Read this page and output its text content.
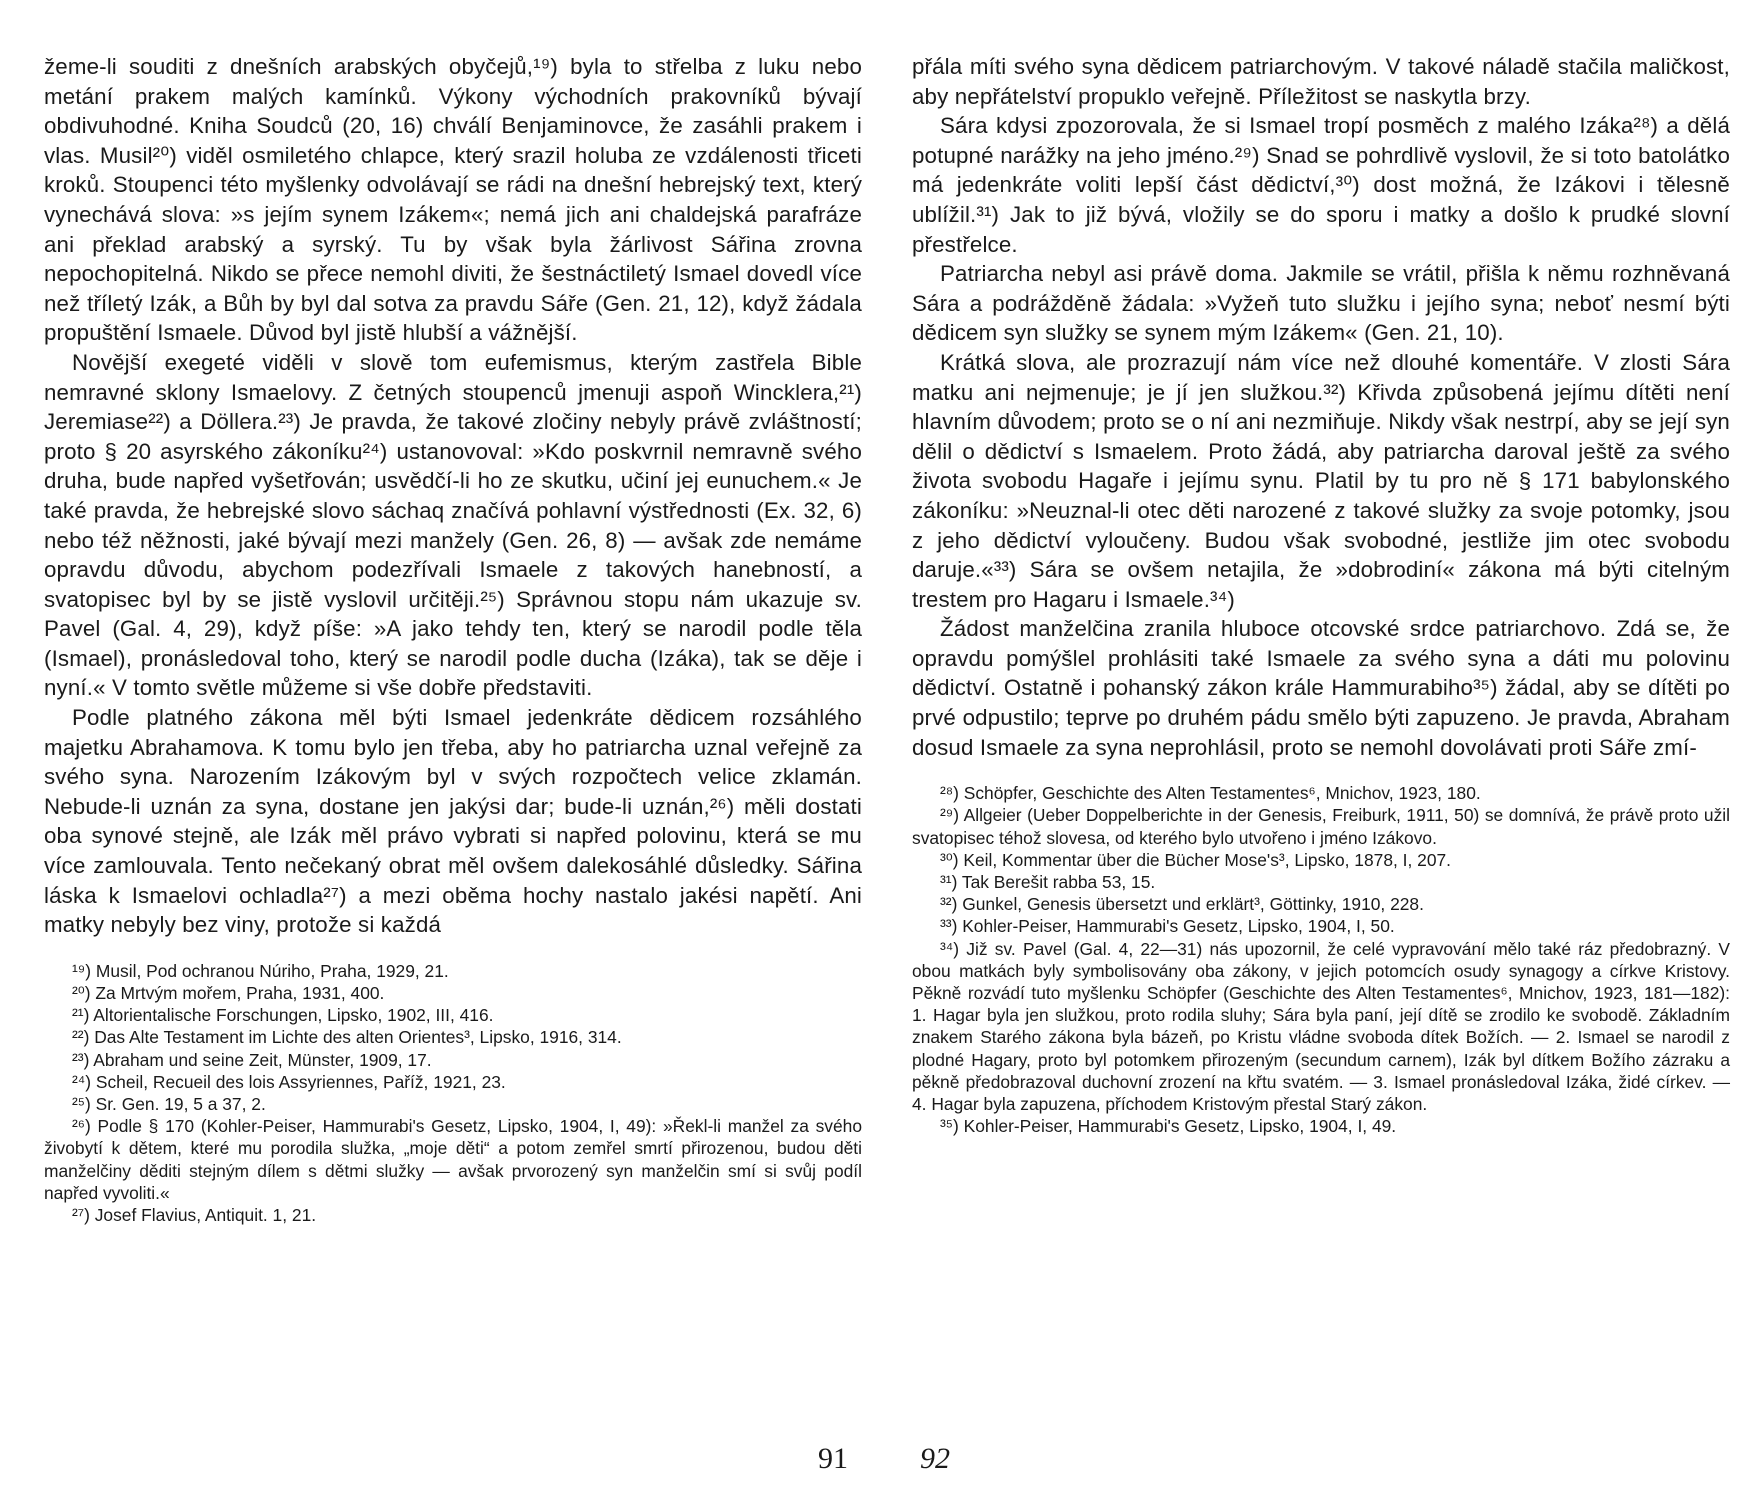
žeme-li souditi z dnešních arabských obyčejů,¹⁹) byla to střelba z luku nebo metání prakem malých kamínků. Výkony východních prakovníků bývají obdivuhodné. Kniha Soudců (20, 16) chválí Benjaminovce, že zasáhli prakem i vlas. Musil²⁰) viděl osmiletého chlapce, který srazil holuba ze vzdálenosti třiceti kroků. Stoupenci této myšlenky odvolávají se rádi na dnešní hebrejský text, který vynechává slova: »s jejím synem Izákem«; nemá jich ani chaldejská parafráze ani překlad arabský a syrský. Tu by však byla žárlivost Sářina zrovna nepochopitelná. Nikdo se přece nemohl diviti, že šestnáctiletý Ismael dovedl více než tříletý Izák, a Bůh by byl dal sotva za pravdu Sáře (Gen. 21, 12), když žádala propuštění Ismaele. Důvod byl jistě hlubší a vážnější.

Novější exegeté viděli v slově tom eufemismus, kterým zastřela Bible nemravné sklony Ismaelovy. Z četných stoupenců jmenuji aspoň Wincklera,²¹) Jeremiase²²) a Döllera.²³) Je pravda, že takové zločiny nebyly právě zvláštností; proto § 20 asyrského zákoníku²⁴) ustanovoval: »Kdo poskvrnil nemravně svého druha, bude napřed vyšetřován; usvědčí-li ho ze skutku, učiní jej eunuchem.« Je také pravda, že hebrejské slovo sáchaq značívá pohlavní výstřednosti (Ex. 32, 6) nebo též něžnosti, jaké bývají mezi manžely (Gen. 26, 8) — avšak zde nemáme opravdu důvodu, abychom podezřívali Ismaele z takových hanebností, a svatopisec byl by se jistě vyslovil určitěji.²⁵) Správnou stopu nám ukazuje sv. Pavel (Gal. 4, 29), když píše: »A jako tehdy ten, který se narodil podle těla (Ismael), pronásledoval toho, který se narodil podle ducha (Izáka), tak se děje i nyní.« V tomto světle můžeme si vše dobře představiti.

Podle platného zákona měl býti Ismael jedenkráte dědicem rozsáhlého majetku Abrahamova. K tomu bylo jen třeba, aby ho patriarcha uznal veřejně za svého syna. Narozením Izákovým byl v svých rozpočtech velice zklamán. Nebude-li uznán za syna, dostane jen jakýsi dar; bude-li uznán,²⁶) měli dostati oba synové stejně, ale Izák měl právo vybrati si napřed polovinu, která se mu více zamlouvala. Tento nečekaný obrat měl ovšem dalekosáhlé důsledky. Sářina láska k Ismaelovi ochladla²⁷) a mezi oběma hochy nastalo jakési napětí. Ani matky nebyly bez viny, protože si každá

¹⁹) Musil, Pod ochranou Núriho, Praha, 1929, 21.

²⁰) Za Mrtvým mořem, Praha, 1931, 400.

²¹) Altorientalische Forschungen, Lipsko, 1902, III, 416.

²²) Das Alte Testament im Lichte des alten Orientes³, Lipsko, 1916, 314.

²³) Abraham und seine Zeit, Münster, 1909, 17.

²⁴) Scheil, Recueil des lois Assyriennes, Paříž, 1921, 23.

²⁵) Sr. Gen. 19, 5 a 37, 2.

²⁶) Podle § 170 (Kohler-Peiser, Hammurabi's Gesetz, Lipsko, 1904, I, 49): »Řekl-li manžel za svého živobytí k dětem, které mu porodila služka, „moje děti“ a potom zemřel smrtí přirozenou, budou děti manželčiny děditi stejným dílem s dětmi služky — avšak prvorozený syn manželčin smí si svůj podíl napřed vyvoliti.«

²⁷) Josef Flavius, Antiquit. 1, 21.

přála míti svého syna dědicem patriarchovým. V takové náladě stačila maličkost, aby nepřátelství propuklo veřejně. Příležitost se naskytla brzy.

Sára kdysi zpozorovala, že si Ismael tropí posměch z malého Izáka²⁸) a dělá potupné narážky na jeho jméno.²⁹) Snad se pohrdlivě vyslovil, že si toto batolátko má jedenkráte voliti lepší část dědictví,³⁰) dost možná, že Izákovi i tělesně ublížil.³¹) Jak to již bývá, vložily se do sporu i matky a došlo k prudké slovní přestřelce.

Patriarcha nebyl asi právě doma. Jakmile se vrátil, přišla k němu rozhněvaná Sára a podrážděně žádala: »Vyžeň tuto služku i jejího syna; neboť nesmí býti dědicem syn služky se synem mým Izákem« (Gen. 21, 10).

Krátká slova, ale prozrazují nám více než dlouhé komentáře. V zlosti Sára matku ani nejmenuje; je jí jen služkou.³²) Křivda způsobená jejímu dítěti není hlavním důvodem; proto se o ní ani nezmiňuje. Nikdy však nestrpí, aby se její syn dělil o dědictví s Ismaelem. Proto žádá, aby patriarcha daroval ještě za svého života svobodu Hagaře i jejímu synu. Platil by tu pro ně § 171 babylonského zákoníku: »Neuznal-li otec děti narozené z takové služky za svoje potomky, jsou z jeho dědictví vyloučeny. Budou však svobodné, jestliže jim otec svobodu daruje.«³³) Sára se ovšem netajila, že »dobrodiní« zákona má býti citelným trestem pro Hagaru i Ismaele.³⁴)

Žádost manželčina zranila hluboce otcovské srdce patriarchovo. Zdá se, že opravdu pomýšlel prohlásiti také Ismaele za svého syna a dáti mu polovinu dědictví. Ostatně i pohanský zákon krále Hammurabiho³⁵) žádal, aby se dítěti po prvé odpustilo; teprve po druhém pádu smělo býti zapuzeno. Je pravda, Abraham dosud Ismaele za syna neprohlásil, proto se nemohl dovolávati proti Sáře zmí-

²⁸) Schöpfer, Geschichte des Alten Testamentes⁶, Mnichov, 1923, 180.

²⁹) Allgeier (Ueber Doppelberichte in der Genesis, Freiburk, 1911, 50) se domnívá, že právě proto užil svatopisec téhož slovesa, od kterého bylo utvořeno i jméno Izákovo.

³⁰) Keil, Kommentar über die Bücher Mose's³, Lipsko, 1878, I, 207.

³¹) Tak Berešit rabba 53, 15.

³²) Gunkel, Genesis übersetzt und erklärt³, Göttinky, 1910, 228.

³³) Kohler-Peiser, Hammurabi's Gesetz, Lipsko, 1904, I, 50.

³⁴) Již sv. Pavel (Gal. 4, 22—31) nás upozornil, že celé vypravování mělo také ráz předobrazný. V obou matkách byly symbolisovány oba zákony, v jejich potomcích osudy synagogy a církve Kristovy. Pěkně rozvádí tuto myšlenku Schöpfer (Geschichte des Alten Testamentes⁶, Mnichov, 1923, 181—182): 1. Hagar byla jen služkou, proto rodila sluhy; Sára byla paní, její dítě se zrodilo ke svobodě. Základním znakem Starého zákona byla bázeň, po Kristu vládne svoboda dítek Božích. — 2. Ismael se narodil z plodné Hagary, proto byl potomkem přirozeným (secundum carnem), Izák byl dítkem Božího zázraku a pěkně předobrazoval duchovní zrození na křtu svatém. — 3. Ismael pronásledoval Izáka, židé církev. — 4. Hagar byla zapuzena, příchodem Kristovým přestal Starý zákon.

³⁵) Kohler-Peiser, Hammurabi's Gesetz, Lipsko, 1904, I, 49.

91 92
